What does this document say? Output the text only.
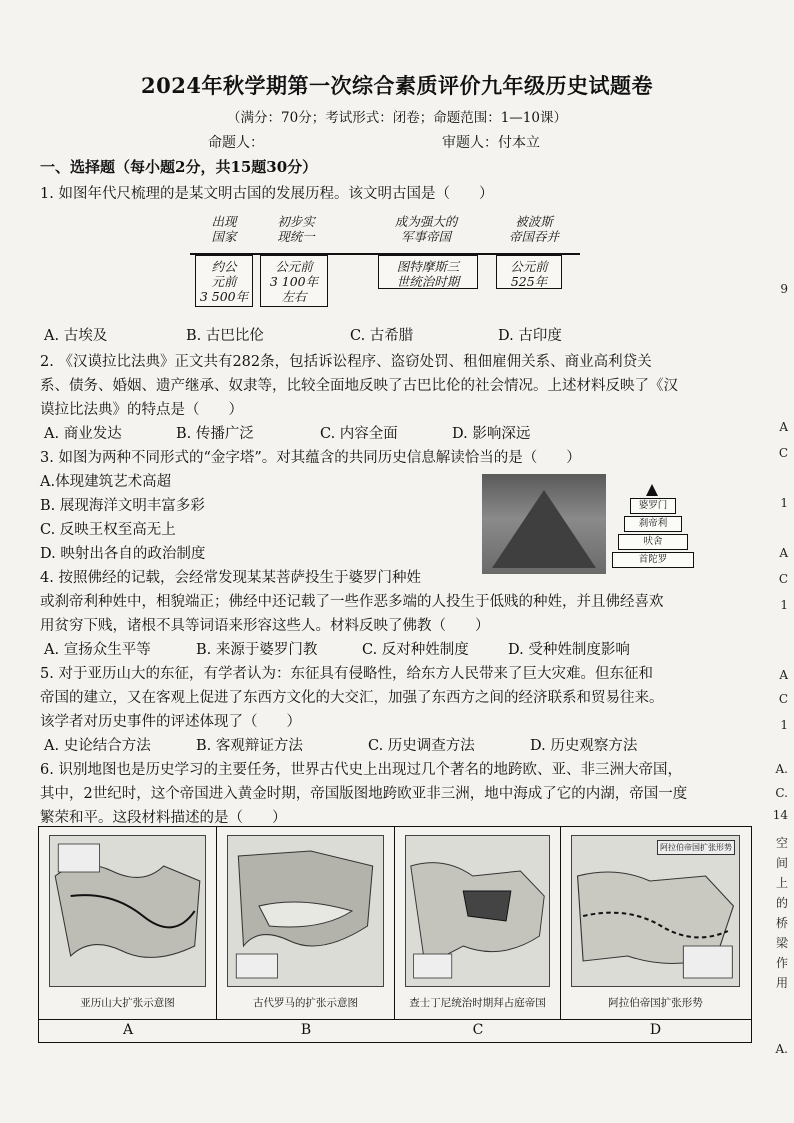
2024年秋学期第一次综合素质评价九年级历史试题卷
（满分：70分；考试形式：闭卷；命题范围：1—10课）
命题人：	审题人：付本立
一、选择题（每小题2分，共15题30分）
1. 如图年代尺梳理的是某文明古国的发展历程。该文明古国是（　　）
出现
国家
初步实
现统一
成为强大的
军事帝国
被波斯
帝国吞并
约公
元前
3 500年
公元前
3 100年
左右
图特摩斯三
世统治时期
公元前
525年
A. 古埃及	B. 古巴比伦	C. 古希腊	D. 古印度
2. 《汉谟拉比法典》正文共有282条，包括诉讼程序、盗窃处罚、租佃雇佣关系、商业高利贷关
系、债务、婚姻、遗产继承、奴隶等，比较全面地反映了古巴比伦的社会情况。上述材料反映了《汉
谟拉比法典》的特点是（　　）
A. 商业发达	B. 传播广泛	C. 内容全面	D. 影响深远
3. 如图为两种不同形式的“金字塔”。对其蕴含的共同历史信息解读恰当的是（　　）
A.体现建筑艺术高超
B. 展现海洋文明丰富多彩
C. 反映王权至高无上
D. 映射出各自的政治制度
婆罗门
刹帝利
吠舍
首陀罗
4. 按照佛经的记载，会经常发现某某菩萨投生于婆罗门种姓
或刹帝利种姓中，相貌端正；佛经中还记载了一些作恶多端的人投生于低贱的种姓，并且佛经喜欢
用贫穷下贱，诸根不具等词语来形容这些人。材料反映了佛教（　　）
A. 宣扬众生平等	B. 来源于婆罗门教	C. 反对种姓制度	D. 受种姓制度影响
5. 对于亚历山大的东征，有学者认为：东征具有侵略性，给东方人民带来了巨大灾难。但东征和
帝国的建立，又在客观上促进了东西方文化的大交汇，加强了东西方之间的经济联系和贸易往来。
该学者对历史事件的评述体现了（　　）
A. 史论结合方法	B. 客观辩证方法	C. 历史调查方法	D. 历史观察方法
6. 识别地图也是历史学习的主要任务，世界古代史上出现过几个著名的地跨欧、亚、非三洲大帝国，
其中，2世纪时，这个帝国进入黄金时期，帝国版图地跨欧亚非三洲，地中海成了它的内湖，帝国一度
繁荣和平。这段材料描述的是（　　）
亚历山大扩张示意图	古代罗马的扩张示意图	查士丁尼统治时期拜占庭帝国
阿拉伯帝国扩张形势
阿拉伯帝国扩张形势
A	B	C	D
9
A
C
1
A
C
1
A
C
1
A.
C.
14
空
间
上
的
桥
梁
作
用
A.
